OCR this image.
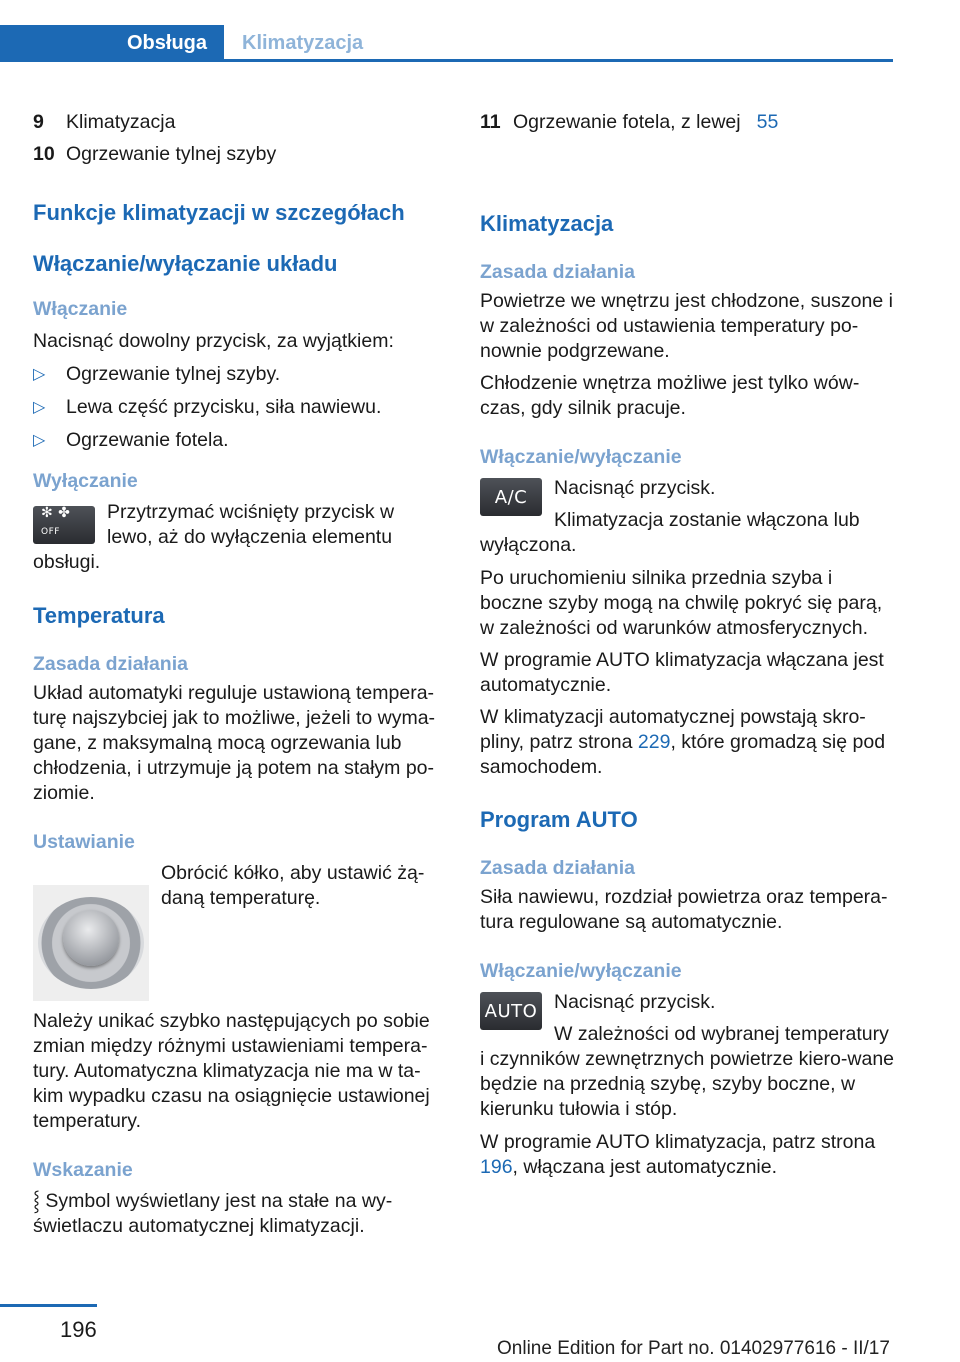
Obsługa	Klimatyzacja
9	Klimatyzacja
10 Ogrzewanie tylnej szyby
Funkcje klimatyzacji w szczegółach
Włączanie/wyłączanie układu
Włączanie

Nacisnąć dowolny przycisk, za wyjątkiem:

▷	Ogrzewanie tylnej szyby.
▷	Lewa część przycisku, siła nawiewu.
▷	Ogrzewanie fotela.
Wyłączanie
✻ ✤
OFF

Przytrzymać wciśnięty przycisk w lewo, aż do wyłączenia elementu obsługi.

Temperatura
Zasada działania

Układ automatyki reguluje ustawioną tempera-turę najszybciej jak to możliwe, jeżeli to wyma-gane, z maksymalną mocą ogrzewania lub chłodzenia, i utrzymuje ją potem na stałym po-ziomie.

Ustawianie

Obrócić kółko, aby ustawić żą-daną temperaturę.

Należy unikać szybko następujących po sobie zmian między różnymi ustawieniami tempera-tury. Automatyczna klimatyzacja nie ma w ta-kim wypadku czasu na osiągnięcie ustawionej temperatury.

Wskazanie

⸾ Symbol wyświetlany jest na stałe na wy-świetlaczu automatycznej klimatyzacji.

11 Ogrzewanie fotela, z lewej 55
Klimatyzacja
Zasada działania

Powietrze we wnętrzu jest chłodzone, suszone i w zależności od ustawienia temperatury po-nownie podgrzewane.

Chłodzenie wnętrza możliwe jest tylko wów-czas, gdy silnik pracuje.

Włączanie/wyłączanie
A/C	Nacisnąć przycisk.

Klimatyzacja zostanie włączona lub wyłączona.

Po uruchomieniu silnika przednia szyba i boczne szyby mogą na chwilę pokryć się parą, w zależności od warunków atmosferycznych.

W programie AUTO klimatyzacja włączana jest automatycznie.

W klimatyzacji automatycznej powstają skro-pliny, patrz strona 229, które gromadzą się pod samochodem.

Program AUTO
Zasada działania

Siła nawiewu, rozdział powietrza oraz tempera-tura regulowane są automatycznie.

Włączanie/wyłączanie
AUTO Nacisnąć przycisk.

W zależności od wybranej temperatury i czynników zewnętrznych powietrze kiero-wane będzie na przednią szybę, szyby boczne, w kierunku tułowia i stóp.

W programie AUTO klimatyzacja, patrz strona 196, włączana jest automatycznie.

196
Online Edition for Part no. 01402977616 - II/17
